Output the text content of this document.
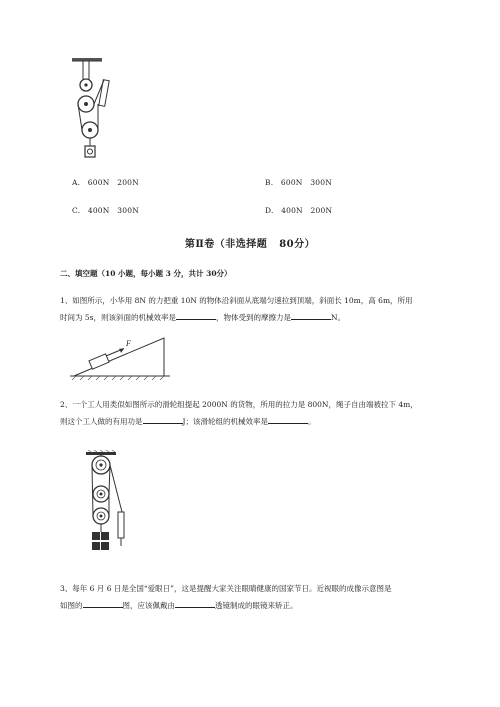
A. 600N   200N	B. 600N   300N
C. 400N   300N	D. 400N   200N
第Ⅱ卷（非选择题   80分）
二、填空题（10 小题，每小题 3 分，共计 30分）
1、如图所示，小华用 8N 的力把重 10N 的物体沿斜面从底端匀速拉到顶端，斜面长 10m，高 6m，所用
时间为 5s，则该斜面的机械效率是	，物体受到的摩擦力是	N。
F
2、一个工人用类似如图所示的滑轮组提起 2000N 的货物，所用的拉力是 800N，绳子自由端被拉下 4m，
则这个工人做的有用功是	J；该滑轮组的机械效率是	。
3、每年 6 月 6 日是全国“爱眼日”，这是提醒大家关注眼睛健康的国家节日。近视眼的成像示意图是
如图的	图，应该佩戴由	透镜制成的眼镜来矫正。
